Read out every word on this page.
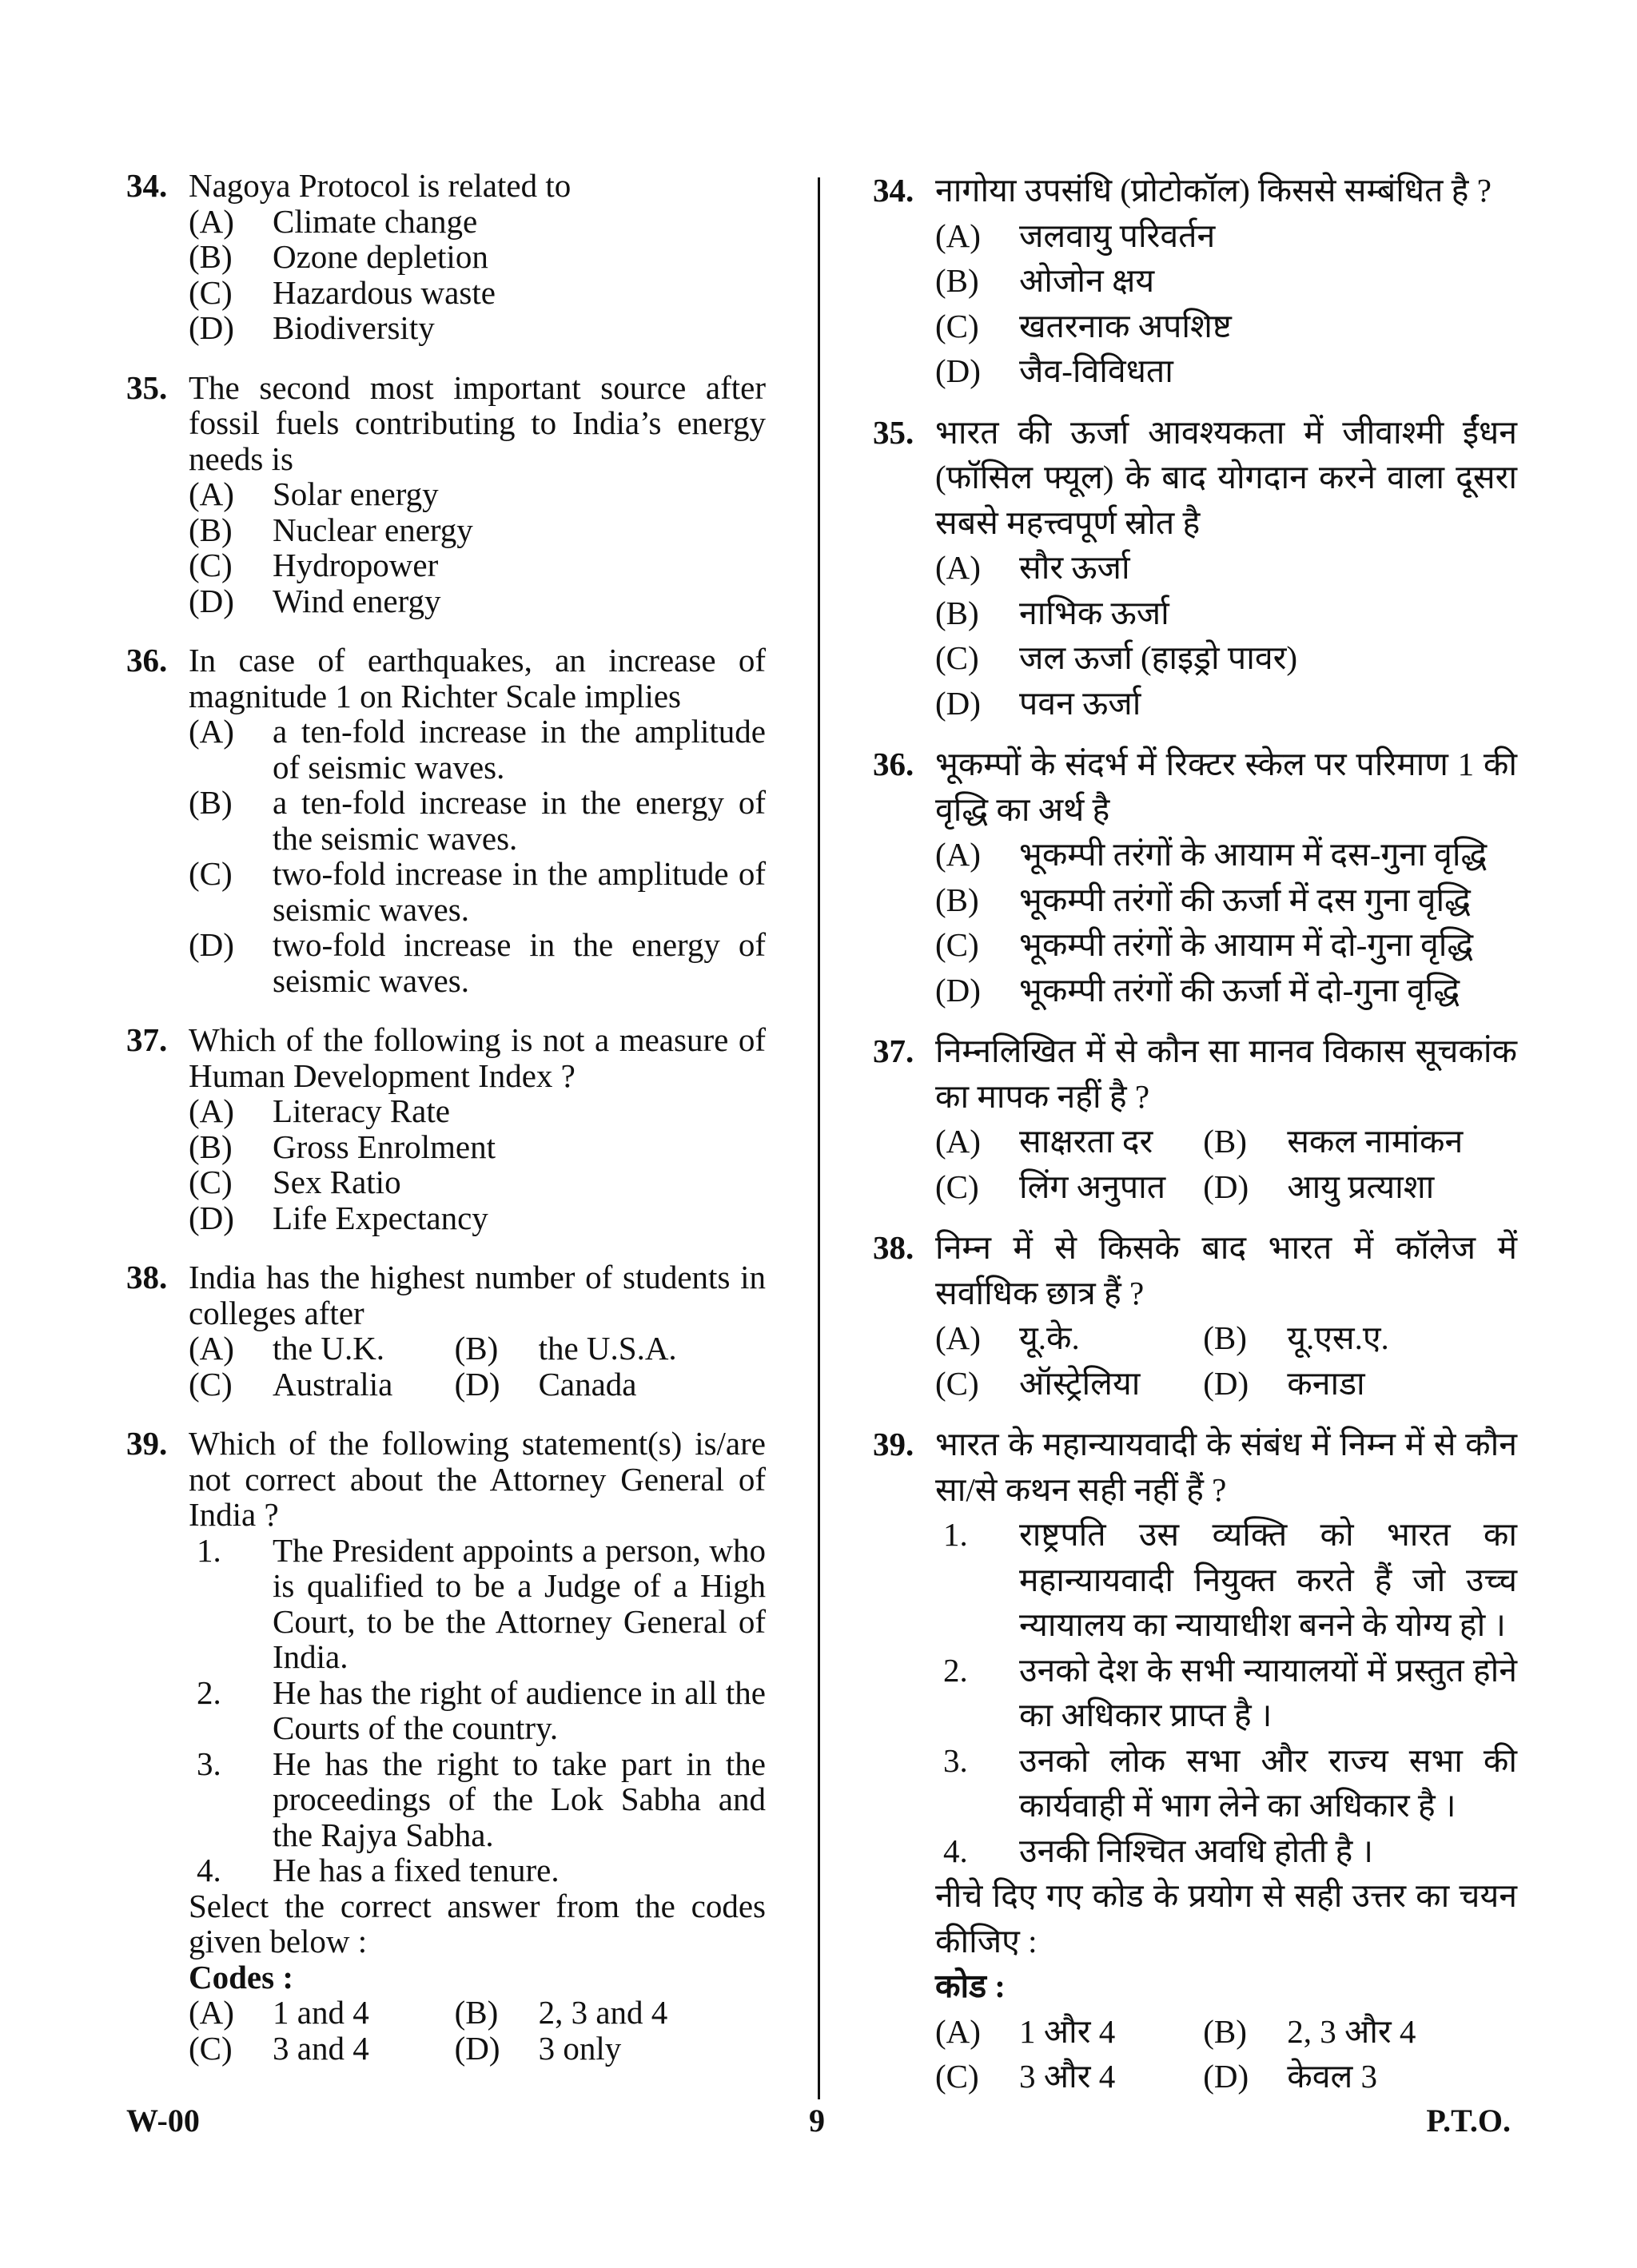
34. Nagoya Protocol is related to
(A) Climate change
(B) Ozone depletion
(C) Hazardous waste
(D) Biodiversity
35. The second most important source after fossil fuels contributing to India’s energy needs is
(A) Solar energy
(B) Nuclear energy
(C) Hydropower
(D) Wind energy
36. In case of earthquakes, an increase of magnitude 1 on Richter Scale implies
(A) a ten-fold increase in the amplitude of seismic waves.
(B) a ten-fold increase in the energy of the seismic waves.
(C) two-fold increase in the amplitude of seismic waves.
(D) two-fold increase in the energy of seismic waves.
37. Which of the following is not a measure of Human Development Index ?
(A) Literacy Rate
(B) Gross Enrolment
(C) Sex Ratio
(D) Life Expectancy
38. India has the highest number of students in colleges after
(A) the U.K.	(B) the U.S.A.
(C) Australia	(D) Canada
39. Which of the following statement(s) is/are not correct about the Attorney General of India ?
1. The President appoints a person, who is qualified to be a Judge of a High Court, to be the Attorney General of India.
2. He has the right of audience in all the Courts of the country.
3. He has the right to take part in the proceedings of the Lok Sabha and the Rajya Sabha.
4. He has a fixed tenure.
Select the correct answer from the codes given below :
Codes :
(A) 1 and 4	(B) 2, 3 and 4
(C) 3 and 4	(D) 3 only
34. नागोया उपसंधि (प्रोटोकॉल) किससे सम्बंधित है ?
(A) जलवायु परिवर्तन
(B) ओजोन क्षय
(C) खतरनाक अपशिष्ट
(D) जैव-विविधता
35. भारत की ऊर्जा आवश्यकता में जीवाश्मी ईंधन (फॉसिल फ्यूल) के बाद योगदान करने वाला दूसरा सबसे महत्त्वपूर्ण स्रोत है
(A) सौर ऊर्जा
(B) नाभिक ऊर्जा
(C) जल ऊर्जा (हाइड्रो पावर)
(D) पवन ऊर्जा
36. भूकम्पों के संदर्भ में रिक्टर स्केल पर परिमाण 1 की वृद्धि का अर्थ है
(A) भूकम्पी तरंगों के आयाम में दस-गुना वृद्धि
(B) भूकम्पी तरंगों की ऊर्जा में दस गुना वृद्धि
(C) भूकम्पी तरंगों के आयाम में दो-गुना वृद्धि
(D) भूकम्पी तरंगों की ऊर्जा में दो-गुना वृद्धि
37. निम्नलिखित में से कौन सा मानव विकास सूचकांक का मापक नहीं है ?
(A) साक्षरता दर	(B) सकल नामांकन
(C) लिंग अनुपात	(D) आयु प्रत्याशा
38. निम्न में से किसके बाद भारत में कॉलेज में सर्वाधिक छात्र हैं ?
(A) यू.के.	(B) यू.एस.ए.
(C) ऑस्ट्रेलिया	(D) कनाडा
39. भारत के महान्यायवादी के संबंध में निम्न में से कौन सा/से कथन सही नहीं हैं ?
1. राष्ट्रपति उस व्यक्ति को भारत का महान्यायवादी नियुक्त करते हैं जो उच्च न्यायालय का न्यायाधीश बनने के योग्य हो ।
2. उनको देश के सभी न्यायालयों में प्रस्तुत होने का अधिकार प्राप्त है ।
3. उनको लोक सभा और राज्य सभा की कार्यवाही में भाग लेने का अधिकार है ।
4. उनकी निश्चित अवधि होती है ।
नीचे दिए गए कोड के प्रयोग से सही उत्तर का चयन कीजिए :
कोड :
(A) 1 और 4	(B) 2, 3 और 4
(C) 3 और 4	(D) केवल 3
W-00	9	P.T.O.
